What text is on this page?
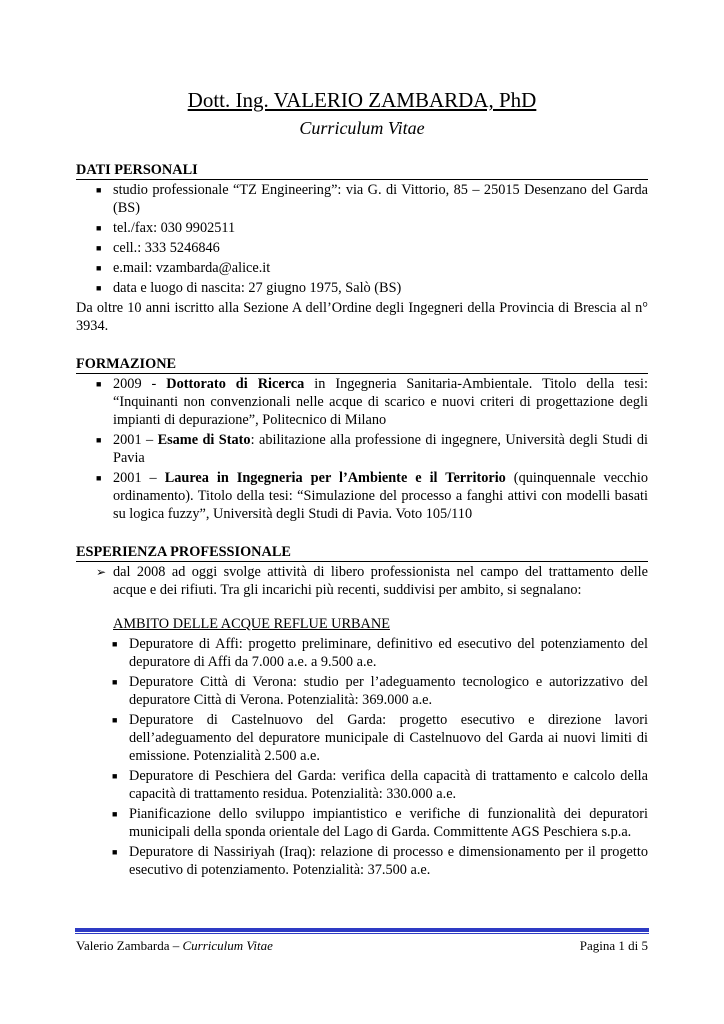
Dott. Ing. VALERIO ZAMBARDA, PhD
Curriculum Vitae
DATI PERSONALI
■ studio professionale “TZ Engineering”: via G. di Vittorio, 85 – 25015 Desenzano del Garda (BS)
■ tel./fax: 030 9902511
■ cell.: 333 5246846
■ e.mail: vzambarda@alice.it
■ data e luogo di nascita: 27 giugno 1975, Salò (BS)

Da oltre 10 anni iscritto alla Sezione A dell’Ordine degli Ingegneri della Provincia di Brescia al n° 3934.

FORMAZIONE
■ 2009 - Dottorato di Ricerca in Ingegneria Sanitaria-Ambientale. Titolo della tesi: “Inquinanti non convenzionali nelle acque di scarico e nuovi criteri di progettazione degli impianti di depurazione”, Politecnico di Milano
■ 2001 – Esame di Stato: abilitazione alla professione di ingegnere, Università degli Studi di Pavia
■ 2001 – Laurea in Ingegneria per l’Ambiente e il Territorio (quinquennale vecchio ordinamento). Titolo della tesi: “Simulazione del processo a fanghi attivi con modelli basati su logica fuzzy”, Università degli Studi di Pavia. Voto 105/110
ESPERIENZA PROFESSIONALE
➢ dal 2008 ad oggi svolge attività di libero professionista nel campo del trattamento delle acque e dei rifiuti. Tra gli incarichi più recenti, suddivisi per ambito, si segnalano:
AMBITO DELLE ACQUE REFLUE URBANE
■ Depuratore di Affi: progetto preliminare, definitivo ed esecutivo del potenziamento del depuratore di Affi da 7.000 a.e. a 9.500 a.e.
■ Depuratore Città di Verona: studio per l’adeguamento tecnologico e autorizzativo del depuratore Città di Verona. Potenzialità: 369.000 a.e.
■ Depuratore di Castelnuovo del Garda: progetto esecutivo e direzione lavori dell’adeguamento del depuratore municipale di Castelnuovo del Garda ai nuovi limiti di emissione. Potenzialità 2.500 a.e.
■ Depuratore di Peschiera del Garda: verifica della capacità di trattamento e calcolo della capacità di trattamento residua. Potenzialità: 330.000 a.e.
■ Pianificazione dello sviluppo impiantistico e verifiche di funzionalità dei depuratori municipali della sponda orientale del Lago di Garda. Committente AGS Peschiera s.p.a.
■ Depuratore di Nassiriyah (Iraq): relazione di processo e dimensionamento per il progetto esecutivo di potenziamento. Potenzialità: 37.500 a.e.
Valerio Zambarda – Curriculum Vitae	Pagina 1 di 5
